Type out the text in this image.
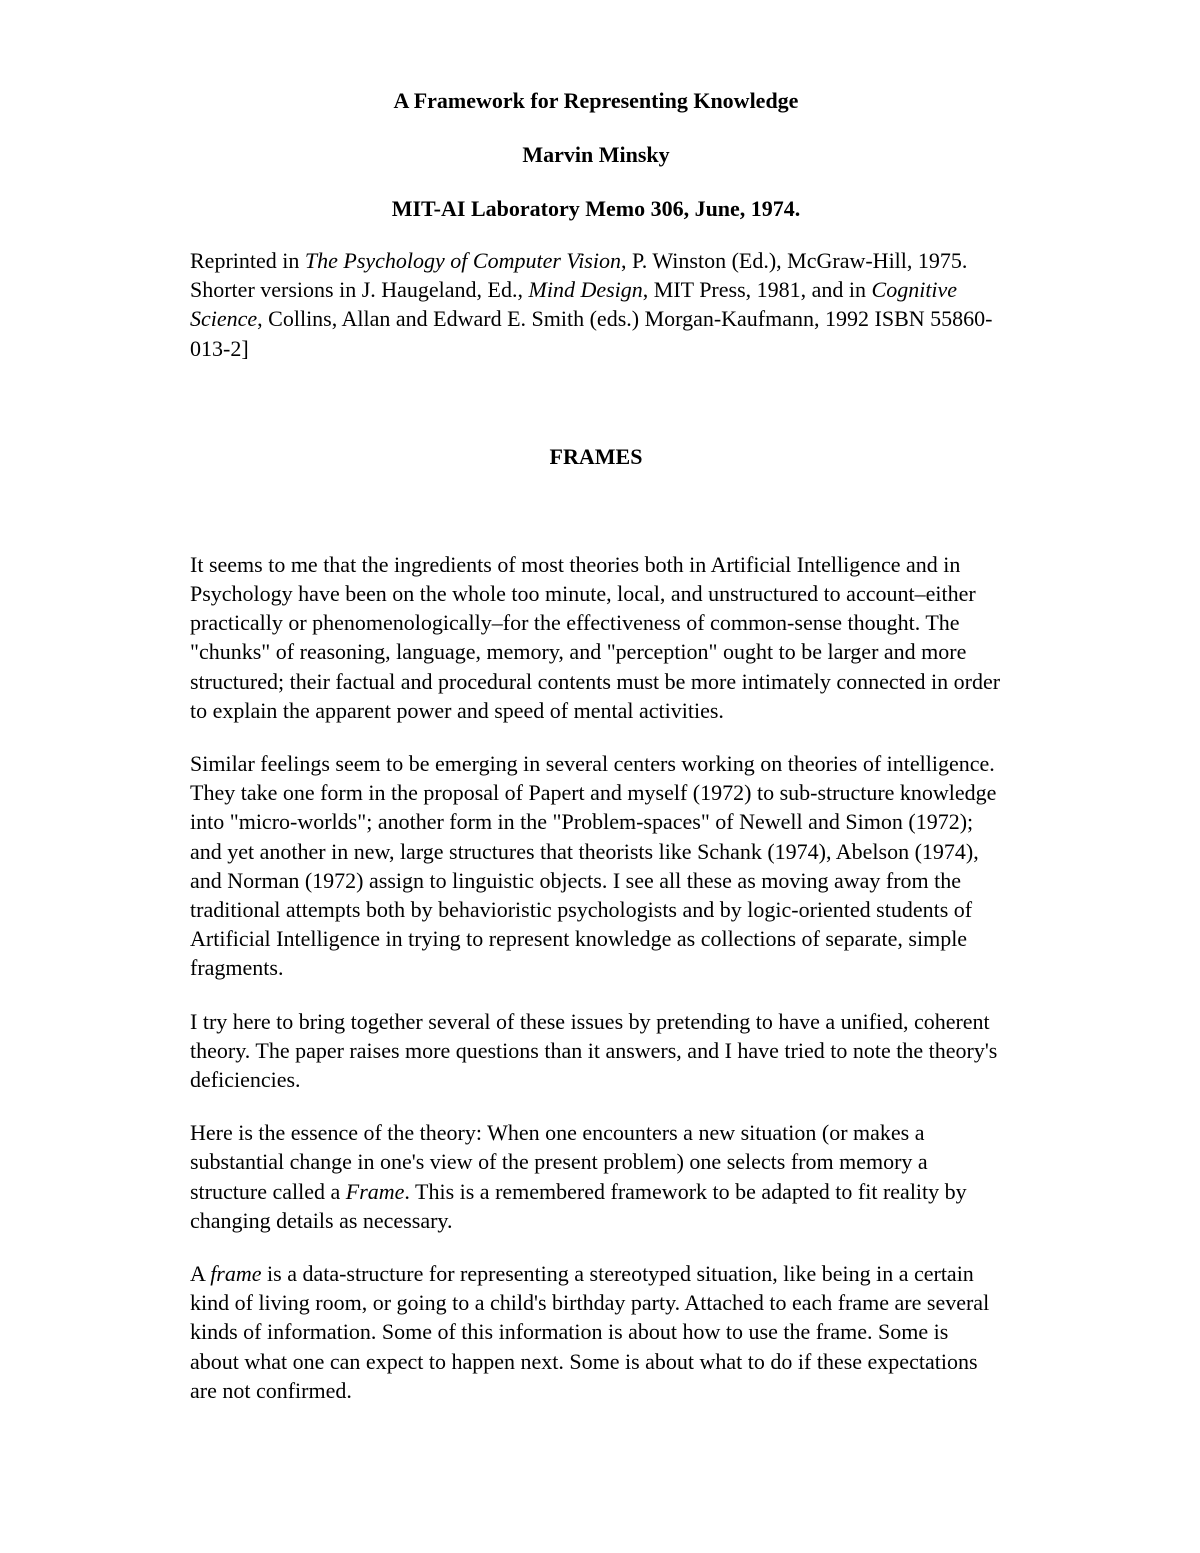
A Framework for Representing Knowledge

Marvin Minsky

MIT-AI Laboratory Memo 306, June, 1974.

Reprinted in The Psychology of Computer Vision, P. Winston (Ed.), McGraw-Hill, 1975. Shorter versions in J. Haugeland, Ed., Mind Design, MIT Press, 1981, and in Cognitive Science, Collins, Allan and Edward E. Smith (eds.) Morgan-Kaufmann, 1992 ISBN 55860-013-2]

FRAMES

It seems to me that the ingredients of most theories both in Artificial Intelligence and in Psychology have been on the whole too minute, local, and unstructured to account–either practically or phenomenologically–for the effectiveness of common-sense thought. The "chunks" of reasoning, language, memory, and "perception" ought to be larger and more structured; their factual and procedural contents must be more intimately connected in order to explain the apparent power and speed of mental activities.

Similar feelings seem to be emerging in several centers working on theories of intelligence. They take one form in the proposal of Papert and myself (1972) to sub-structure knowledge into "micro-worlds"; another form in the "Problem-spaces" of Newell and Simon (1972); and yet another in new, large structures that theorists like Schank (1974), Abelson (1974), and Norman (1972) assign to linguistic objects. I see all these as moving away from the traditional attempts both by behavioristic psychologists and by logic-oriented students of Artificial Intelligence in trying to represent knowledge as collections of separate, simple fragments.

I try here to bring together several of these issues by pretending to have a unified, coherent theory. The paper raises more questions than it answers, and I have tried to note the theory's deficiencies.

Here is the essence of the theory: When one encounters a new situation (or makes a substantial change in one's view of the present problem) one selects from memory a structure called a Frame. This is a remembered framework to be adapted to fit reality by changing details as necessary.

A frame is a data-structure for representing a stereotyped situation, like being in a certain kind of living room, or going to a child's birthday party. Attached to each frame are several kinds of information. Some of this information is about how to use the frame. Some is about what one can expect to happen next. Some is about what to do if these expectations are not confirmed.
